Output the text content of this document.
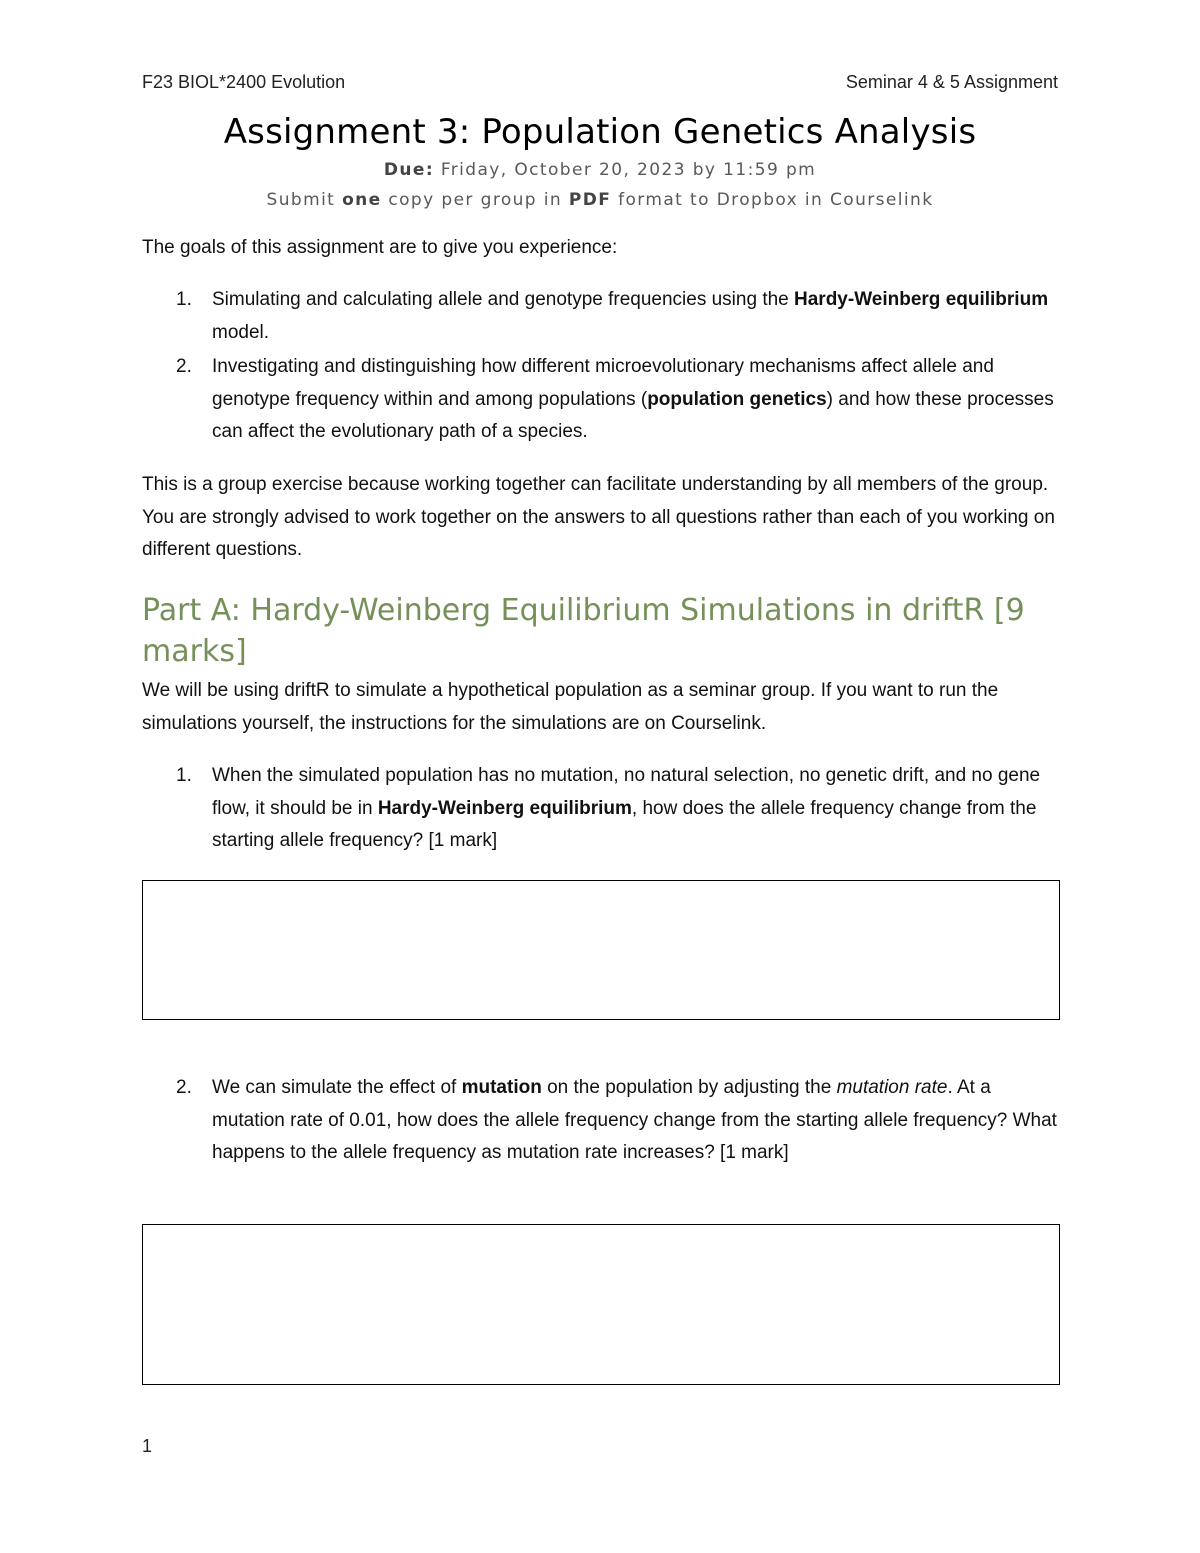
F23 BIOL*2400 Evolution	Seminar 4 & 5 Assignment
Assignment 3: Population Genetics Analysis
Due: Friday, October 20, 2023 by 11:59 pm
Submit one copy per group in PDF format to Dropbox in Courselink
The goals of this assignment are to give you experience:
1. Simulating and calculating allele and genotype frequencies using the Hardy-Weinberg equilibrium model.
2. Investigating and distinguishing how different microevolutionary mechanisms affect allele and genotype frequency within and among populations (population genetics) and how these processes can affect the evolutionary path of a species.
This is a group exercise because working together can facilitate understanding by all members of the group. You are strongly advised to work together on the answers to all questions rather than each of you working on different questions.
Part A: Hardy-Weinberg Equilibrium Simulations in driftR [9 marks]
We will be using driftR to simulate a hypothetical population as a seminar group. If you want to run the simulations yourself, the instructions for the simulations are on Courselink.
1. When the simulated population has no mutation, no natural selection, no genetic drift, and no gene flow, it should be in Hardy-Weinberg equilibrium, how does the allele frequency change from the starting allele frequency? [1 mark]
2. We can simulate the effect of mutation on the population by adjusting the mutation rate. At a mutation rate of 0.01, how does the allele frequency change from the starting allele frequency? What happens to the allele frequency as mutation rate increases? [1 mark]
1
